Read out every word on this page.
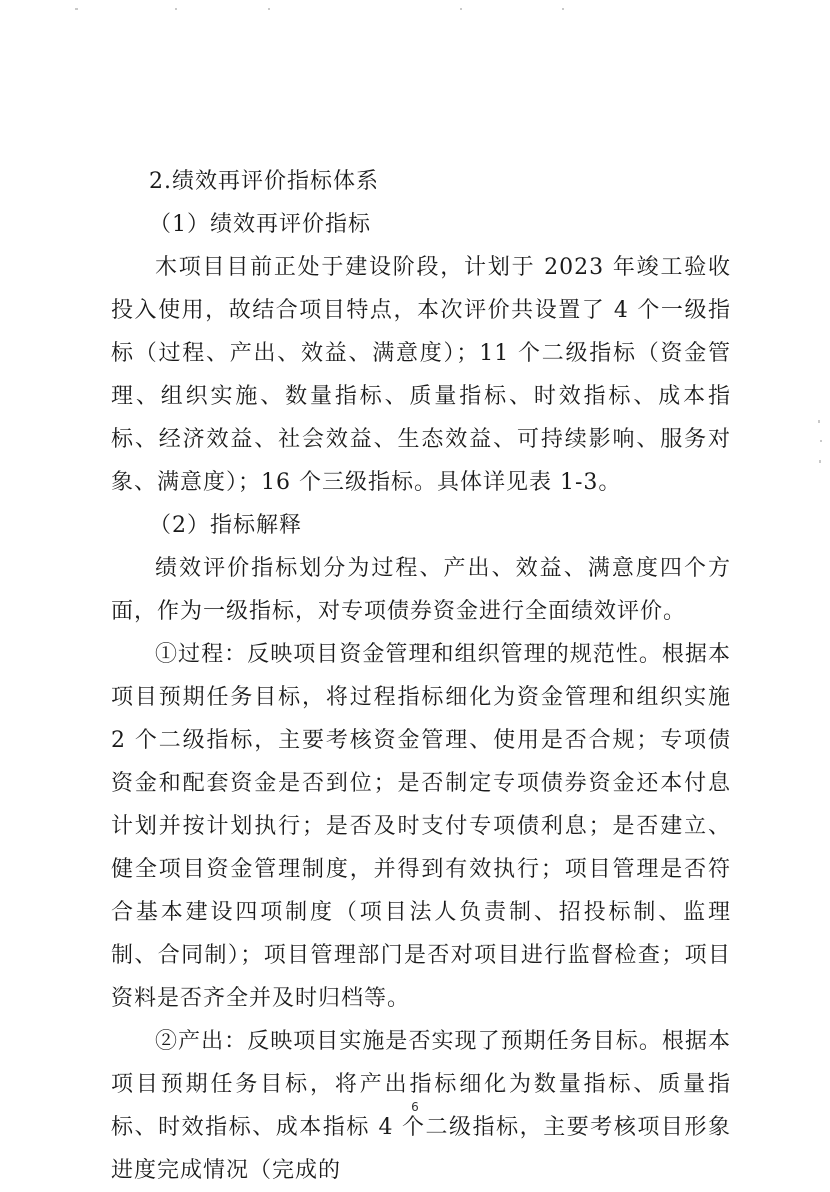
2.绩效再评价指标体系

（1）绩效再评价指标

木项目目前正处于建设阶段，计划于 2023 年竣工验收投入使用，故结合项目特点，本次评价共设置了 4 个一级指标（过程、产出、效益、满意度）；11 个二级指标（资金管理、组织实施、数量指标、质量指标、时效指标、成本指标、经济效益、社会效益、生态效益、可持续影响、服务对象、满意度）；16 个三级指标。具体详见表 1-3。

（2）指标解释

绩效评价指标划分为过程、产出、效益、满意度四个方面，作为一级指标，对专项债券资金进行全面绩效评价。

①过程：反映项目资金管理和组织管理的规范性。根据本项目预期任务目标，将过程指标细化为资金管理和组织实施 2 个二级指标，主要考核资金管理、使用是否合规；专项债资金和配套资金是否到位；是否制定专项债券资金还本付息计划并按计划执行；是否及时支付专项债利息；是否建立、健全项目资金管理制度，并得到有效执行；项目管理是否符合基本建设四项制度（项目法人负责制、招投标制、监理制、合同制）；项目管理部门是否对项目进行监督检查；项目资料是否齐全并及时归档等。

②产出：反映项目实施是否实现了预期任务目标。根据本项目预期任务目标，将产出指标细化为数量指标、质量指标、时效指标、成本指标 4 个二级指标，主要考核项目形象进度完成情况（完成的

6
